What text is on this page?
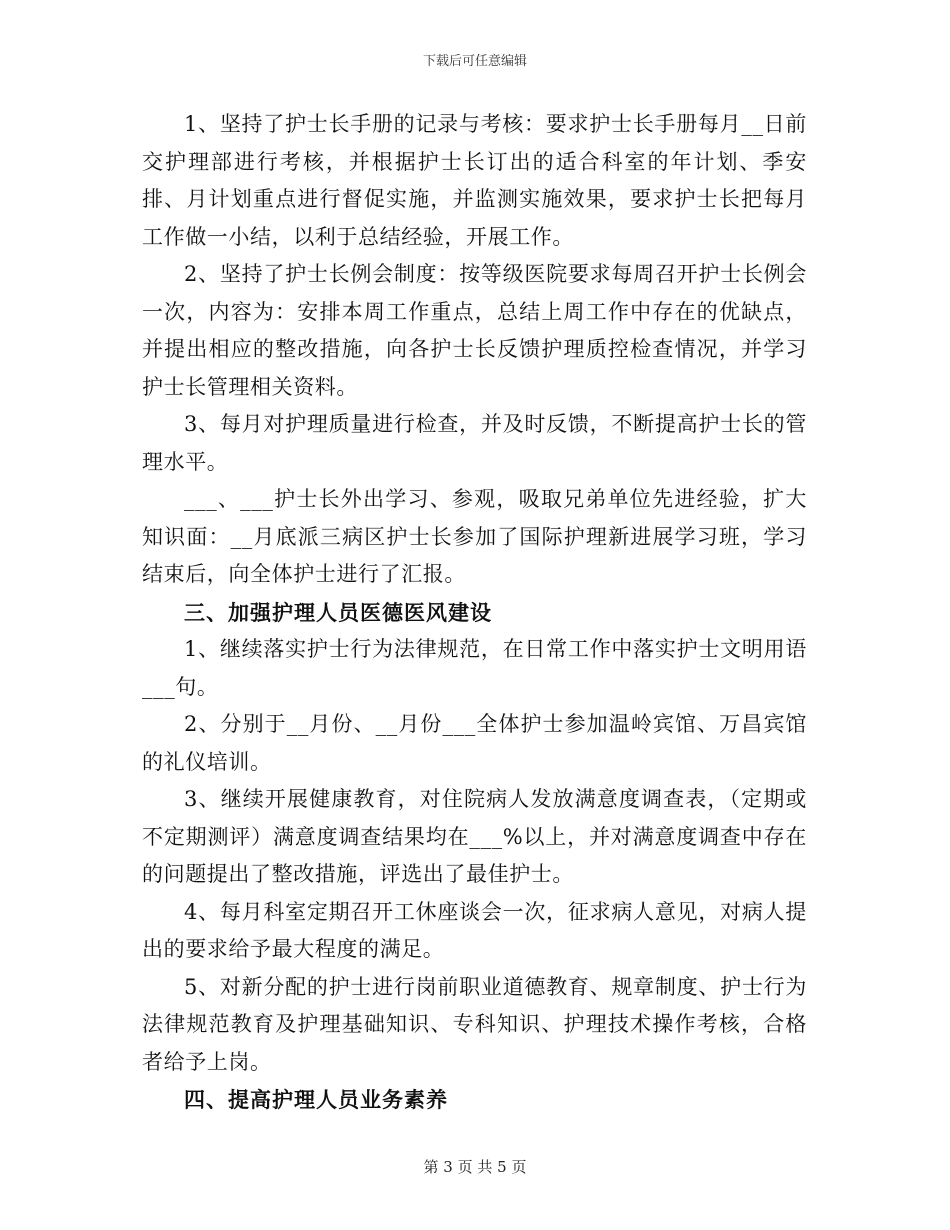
下载后可任意编辑

1、坚持了护士长手册的记录与考核：要求护士长手册每月__日前交护理部进行考核，并根据护士长订出的适合科室的年计划、季安排、月计划重点进行督促实施，并监测实施效果，要求护士长把每月工作做一小结，以利于总结经验，开展工作。

2、坚持了护士长例会制度：按等级医院要求每周召开护士长例会一次，内容为：安排本周工作重点，总结上周工作中存在的优缺点，并提出相应的整改措施，向各护士长反馈护理质控检查情况，并学习护士长管理相关资料。

3、每月对护理质量进行检查，并及时反馈，不断提高护士长的管理水平。

___、___护士长外出学习、参观，吸取兄弟单位先进经验，扩大知识面：__月底派三病区护士长参加了国际护理新进展学习班，学习结束后，向全体护士进行了汇报。

三、加强护理人员医德医风建设

1、继续落实护士行为法律规范，在日常工作中落实护士文明用语___句。

2、分别于__月份、__月份___全体护士参加温岭宾馆、万昌宾馆的礼仪培训。

3、继续开展健康教育，对住院病人发放满意度调查表，（定期或不定期测评）满意度调查结果均在___%以上，并对满意度调查中存在的问题提出了整改措施，评选出了最佳护士。

4、每月科室定期召开工休座谈会一次，征求病人意见，对病人提出的要求给予最大程度的满足。

5、对新分配的护士进行岗前职业道德教育、规章制度、护士行为法律规范教育及护理基础知识、专科知识、护理技术操作考核，合格者给予上岗。

四、提高护理人员业务素养

第 3 页 共 5 页
